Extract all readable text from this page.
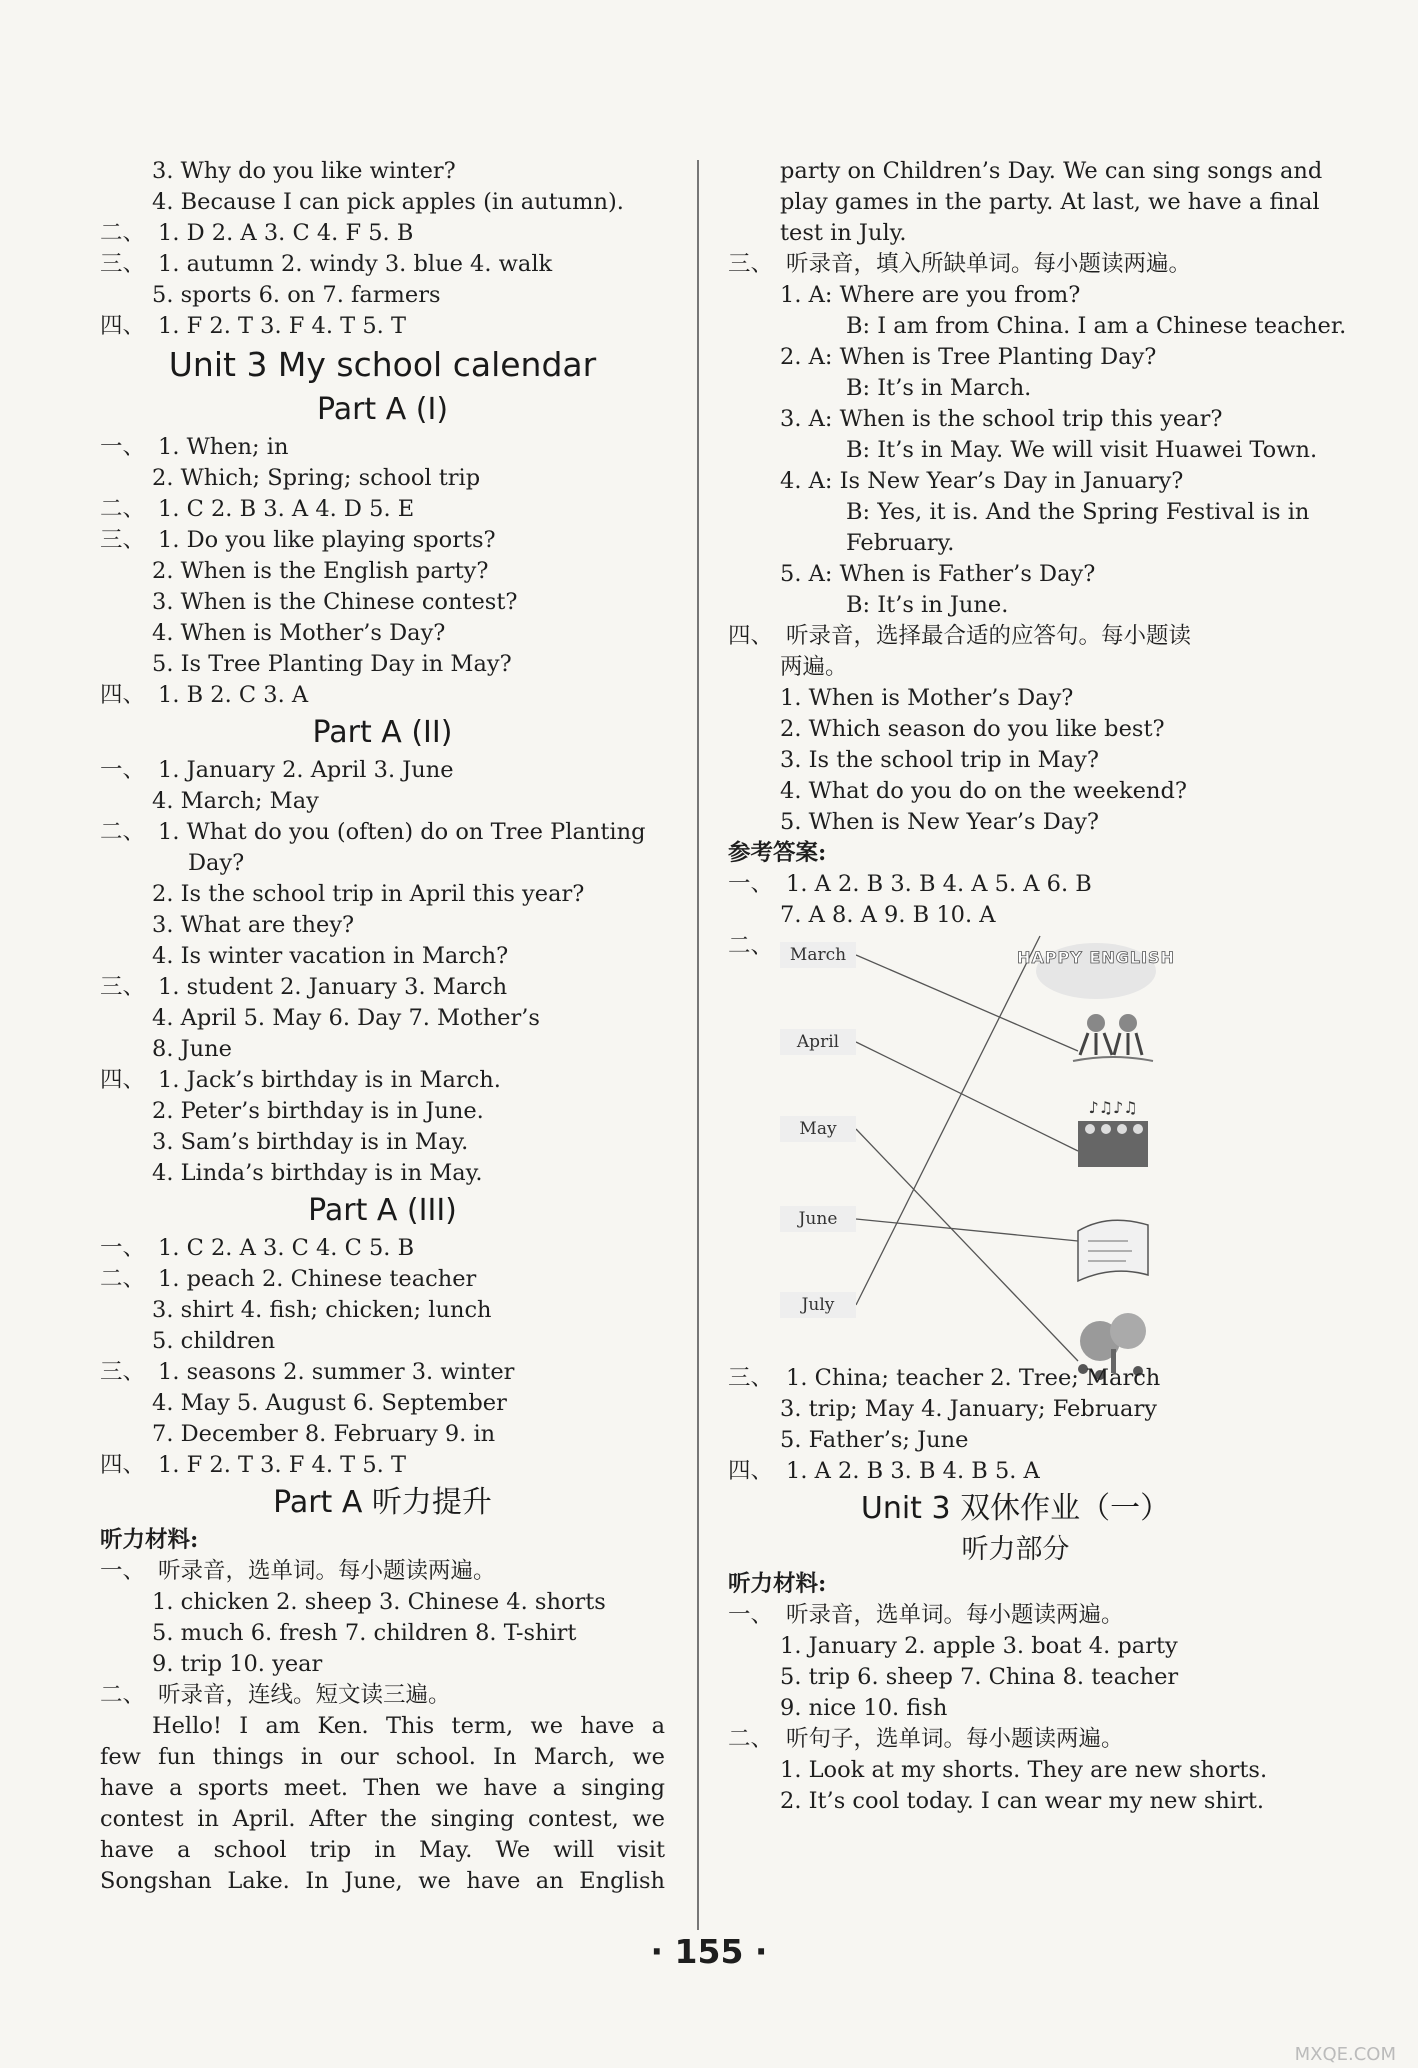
3. Why do you like winter?
4. Because I can pick apples (in autumn).
二、 1. D 2. A 3. C 4. F 5. B
三、 1. autumn 2. windy 3. blue 4. walk
5. sports 6. on 7. farmers
四、 1. F 2. T 3. F 4. T 5. T
Unit 3 My school calendar
Part A (I)
一、 1. When; in
2. Which; Spring; school trip
二、 1. C 2. B 3. A 4. D 5. E
三、 1. Do you like playing sports?
2. When is the English party?
3. When is the Chinese contest?
4. When is Mother’s Day?
5. Is Tree Planting Day in May?
四、 1. B 2. C 3. A
Part A (II)
一、 1. January 2. April 3. June
4. March; May
二、 1. What do you (often) do on Tree Planting
Day?
2. Is the school trip in April this year?
3. What are they?
4. Is winter vacation in March?
三、 1. student 2. January 3. March
4. April 5. May 6. Day 7. Mother’s
8. June
四、 1. Jack’s birthday is in March.
2. Peter’s birthday is in June.
3. Sam’s birthday is in May.
4. Linda’s birthday is in May.
Part A (III)
一、 1. C 2. A 3. C 4. C 5. B
二、 1. peach 2. Chinese teacher
3. shirt 4. fish; chicken; lunch
5. children
三、 1. seasons 2. summer 3. winter
4. May 5. August 6. September
7. December 8. February 9. in
四、 1. F 2. T 3. F 4. T 5. T
Part A 听力提升
听力材料:
一、 听录音，选单词。每小题读两遍。
1. chicken 2. sheep 3. Chinese 4. shorts
5. much 6. fresh 7. children 8. T-shirt
9. trip 10. year
二、 听录音，连线。短文读三遍。
Hello! I am Ken. This term, we have a
few fun things in our school. In March, we
have a sports meet. Then we have a singing
contest in April. After the singing contest, we
have a school trip in May. We will visit
Songshan Lake. In June, we have an English
party on Children’s Day. We can sing songs and
play games in the party. At last, we have a final
test in July.
三、 听录音，填入所缺单词。每小题读两遍。
1. A: Where are you from?
B: I am from China. I am a Chinese teacher.
2. A: When is Tree Planting Day?
B: It’s in March.
3. A: When is the school trip this year?
B: It’s in May. We will visit Huawei Town.
4. A: Is New Year’s Day in January?
B: Yes, it is. And the Spring Festival is in
February.
5. A: When is Father’s Day?
B: It’s in June.
四、 听录音，选择最合适的应答句。每小题读
两遍。
1. When is Mother’s Day?
2. Which season do you like best?
3. Is the school trip in May?
4. What do you do on the weekend?
5. When is New Year’s Day?
参考答案:
一、 1. A 2. B 3. B 4. A 5. A 6. B
7. A 8. A 9. B 10. A
二、	HAPPY ENGLISH
♪♫♪♫
March
April
May
June
July
三、 1. China; teacher 2. Tree; March
3. trip; May 4. January; February
5. Father’s; June
四、 1. A 2. B 3. B 4. B 5. A
Unit 3 双休作业（一）
听力部分
听力材料:
一、 听录音，选单词。每小题读两遍。
1. January 2. apple 3. boat 4. party
5. trip 6. sheep 7. China 8. teacher
9. nice 10. fish
二、 听句子，选单词。每小题读两遍。
1. Look at my shorts. They are new shorts.
2. It’s cool today. I can wear my new shirt.
· 155 ·
MXQE.COM
